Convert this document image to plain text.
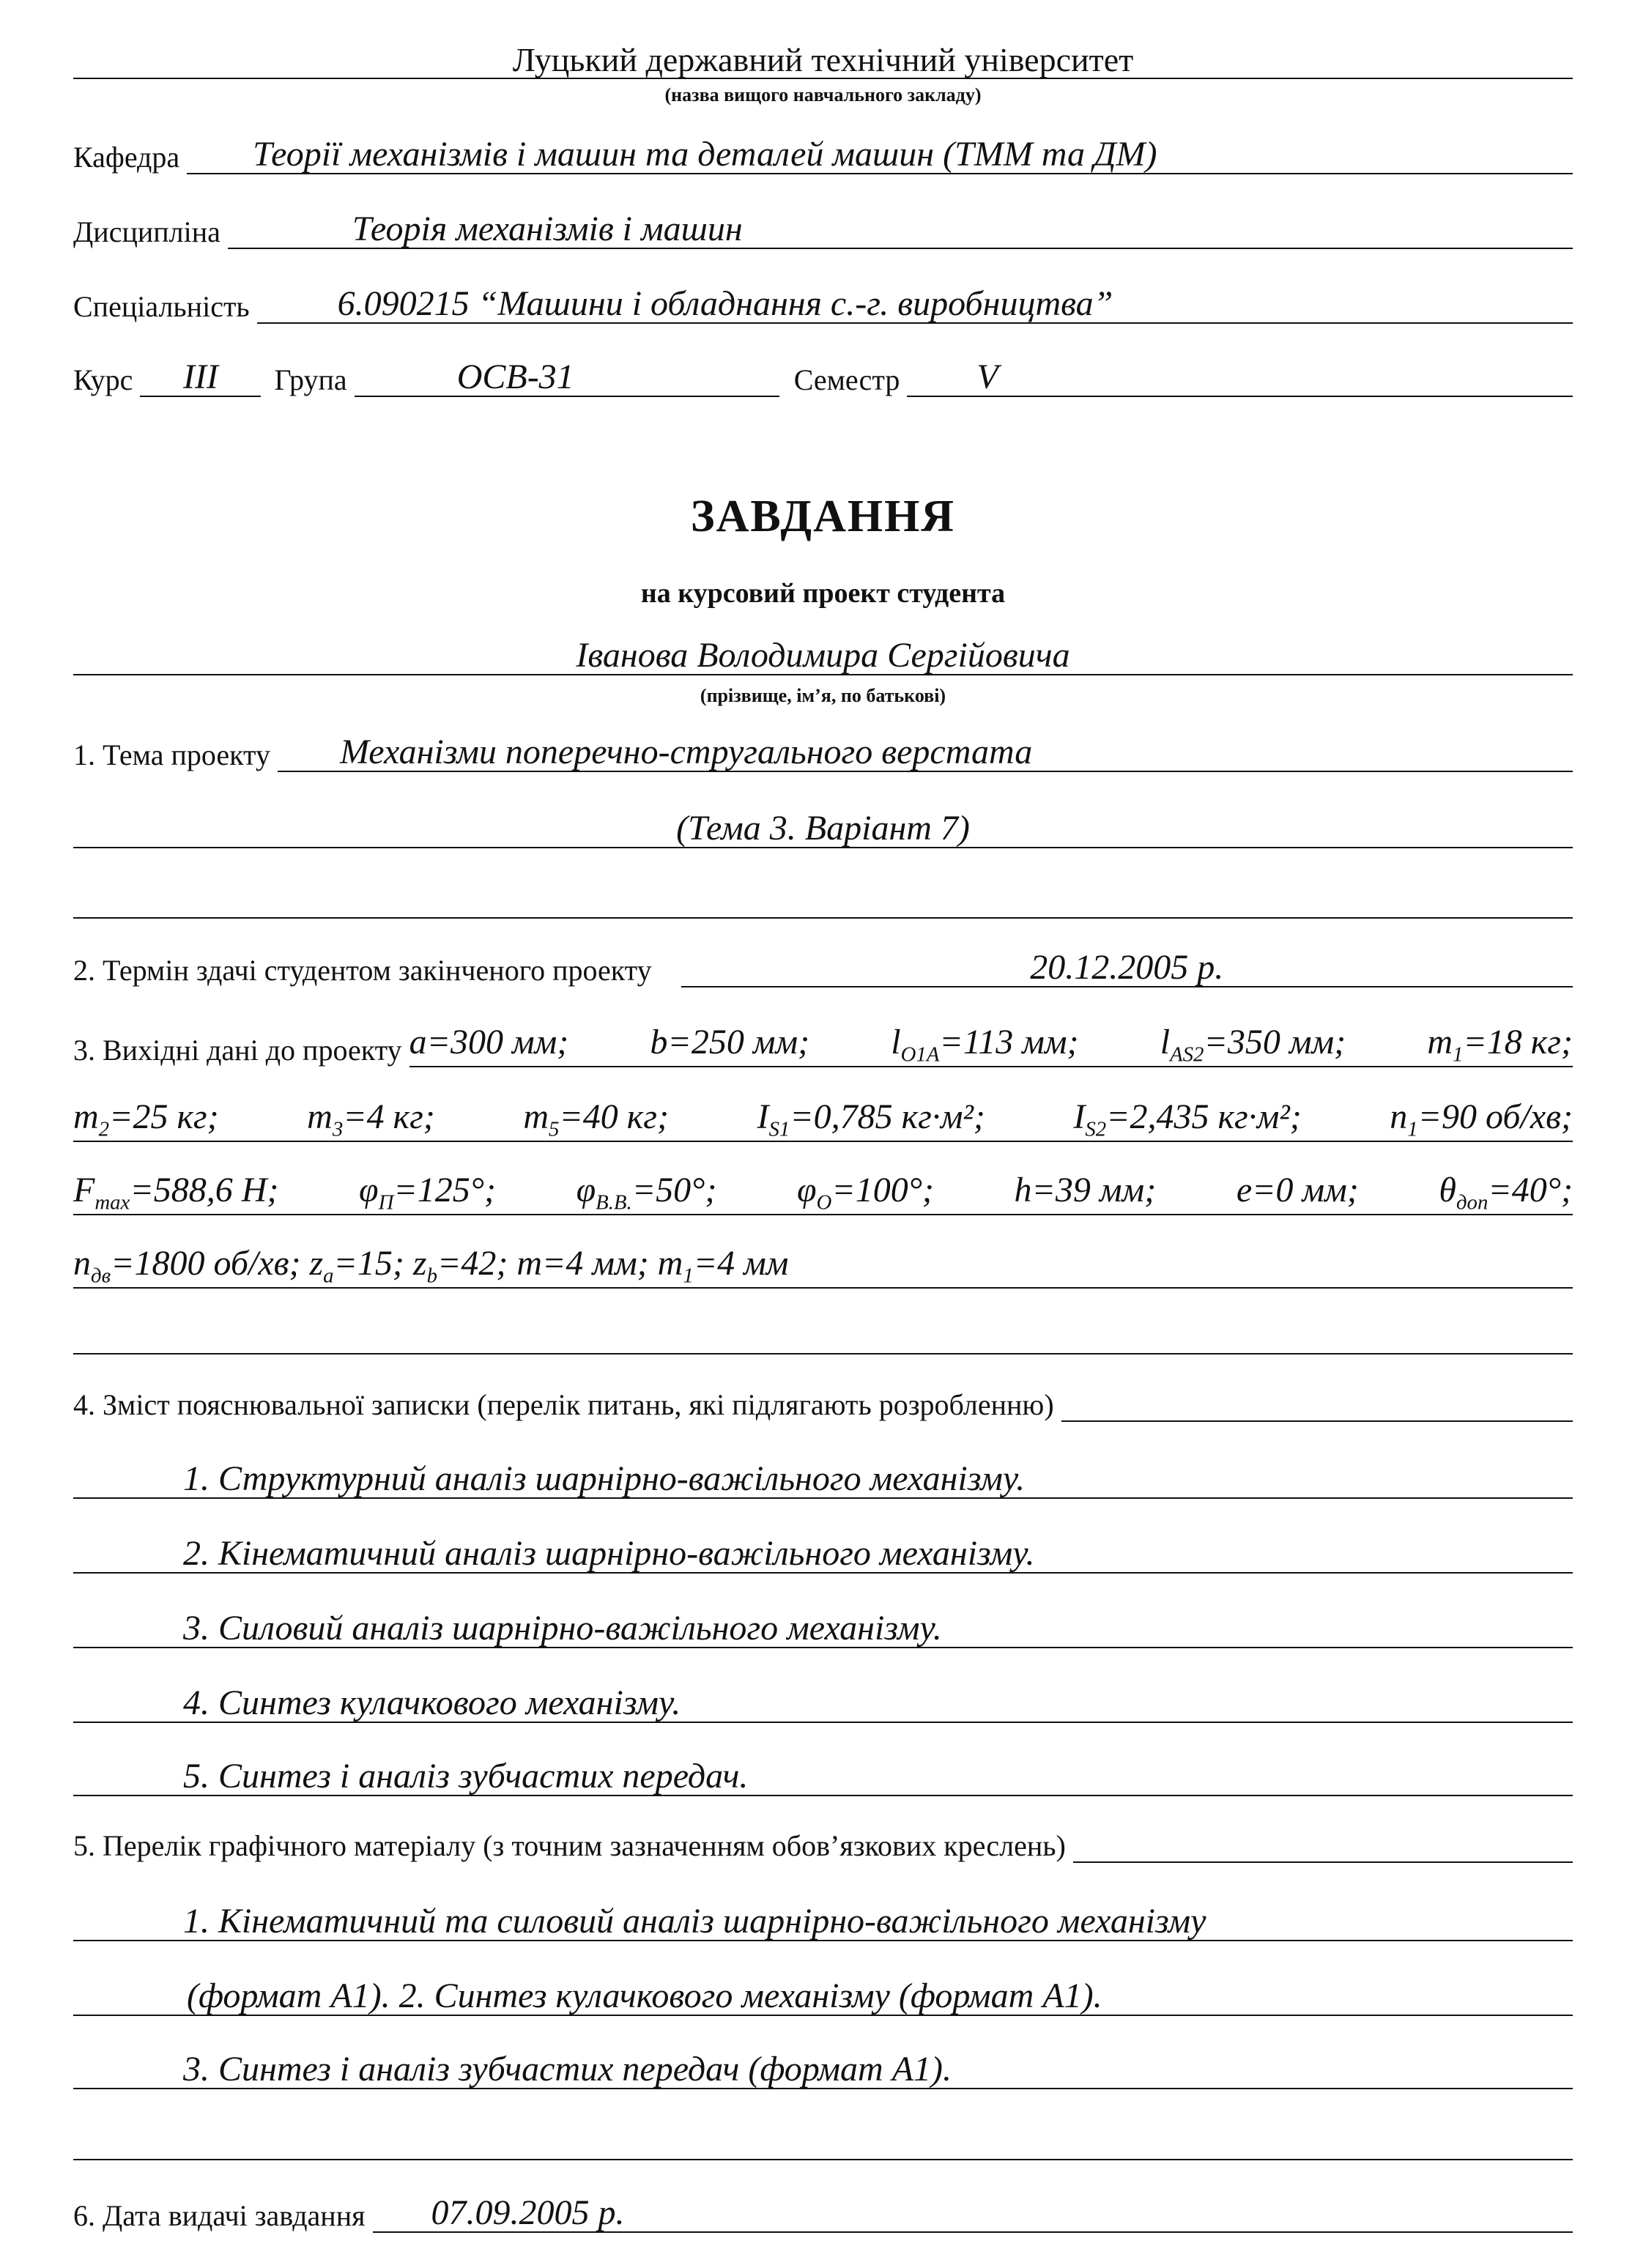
Луцький державний технічний університет
(назва вищого навчального закладу)
Кафедра	Теорії механізмів і машин та деталей машин (ТММ та ДМ)
Дисципліна	Теорія механізмів і машин
Спеціальність	6.090215 “Машини і обладнання с.-г. виробництва”
Курс	ІІІ	Група	ОСВ-31	Семестр	V
ЗАВДАННЯ
на курсовий проект студента
Іванова Володимира Сергійовича
(прізвище, ім’я, по батькові)
1. Тема проекту	Механізми поперечно-стругального верстата
(Тема 3. Варіант 7)
2. Термін здачі студентом закінченого проекту	20.12.2005 р.
3. Вихідні дані до проекту a=300 мм; b=250 мм; $l_{O1A}=113$ мм; $l_{AS2}=350$ мм; $m_1=18$ кг;
$m_2=25$ кг;	$m_3=4$ кг;	$m_5=40$ кг;	$I_{S1}=0,785$ кг·м²;	$I_{S2}=2,435$ кг·м²;	$n_1=90$ об/хв;
$F_{max}=588,6$ Н; $\varphi_П=125^\circ$; $\varphi_{В.В.}=50^\circ$; $\varphi_О=100^\circ$; h=39 мм; e=0 мм; $\theta_{доп}=40^\circ$;
$n_{дв}=1800$ об/хв; $z_a=15$; $z_b=42$; m=4 мм; $m_1=4$ мм
4. Зміст пояснювальної записки (перелік питань, які підлягають розробленню)
1. Структурний аналіз шарнірно-важільного механізму.
2. Кінематичний аналіз шарнірно-важільного механізму.
3. Силовий аналіз шарнірно-важільного механізму.
4. Синтез кулачкового механізму.
5. Синтез і аналіз зубчастих передач.
5. Перелік графічного матеріалу (з точним зазначенням обов’язкових креслень)
1. Кінематичний та силовий аналіз шарнірно-важільного механізму
(формат А1). 2. Синтез кулачкового механізму (формат А1).
3. Синтез і аналіз зубчастих передач (формат А1).
6. Дата видачі завдання	07.09.2005 р.
